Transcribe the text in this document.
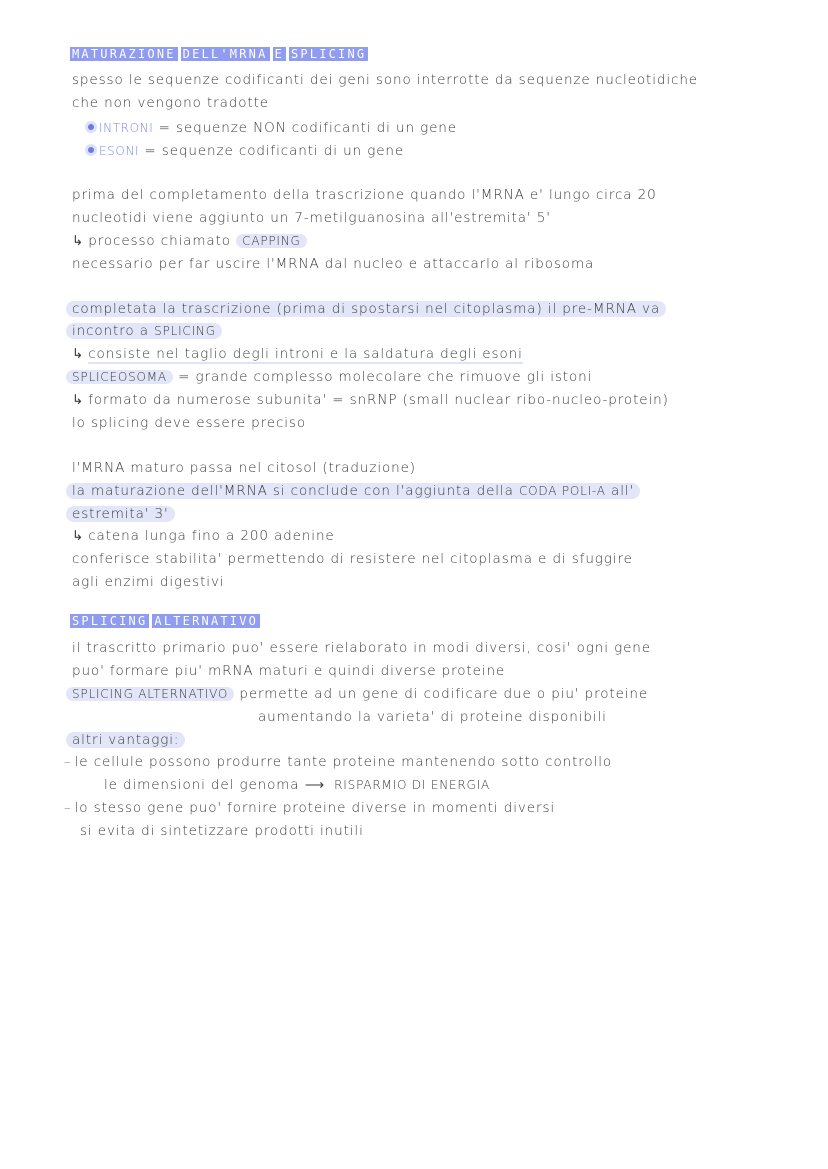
MATURAZIONE DELL'MRNA E SPLICING
spesso le sequenze codificanti dei geni sono interrotte da sequenze nucleotidiche
che non vengono tradotte
INTRONI = sequenze NON codificanti di un gene
ESONI = sequenze codificanti di un gene
prima del completamento della trascrizione quando l'MRNA e' lungo circa 20
nucleotidi viene aggiunto un 7-metilguanosina all'estremita' 5'
↳ processo chiamato CAPPING
necessario per far uscire l'MRNA dal nucleo e attaccarlo al ribosoma
completata la trascrizione (prima di spostarsi nel citoplasma) il pre-MRNA va
incontro a SPLICING
↳ consiste nel taglio degli introni e la saldatura degli esoni
SPLICEOSOMA = grande complesso molecolare che rimuove gli istoni
↳ formato da numerose subunita' = snRNP (small nuclear ribo-nucleo-protein)
lo splicing deve essere preciso
l'MRNA maturo passa nel citosol (traduzione)
la maturazione dell'MRNA si conclude con l'aggiunta della CODA POLI-A all'
estremita' 3'
↳ catena lunga fino a 200 adenine
conferisce stabilita' permettendo di resistere nel citoplasma e di sfuggire
agli enzimi digestivi
SPLICING ALTERNATIVO
il trascritto primario puo' essere rielaborato in modi diversi, cosi' ogni gene
puo' formare piu' mRNA maturi e quindi diverse proteine
SPLICING ALTERNATIVO permette ad un gene di codificare due o piu' proteine
aumentando la varieta' di proteine disponibili
altri vantaggi:
– le cellule possono produrre tante proteine mantenendo sotto controllo
le dimensioni del genoma ⟶ RISPARMIO DI ENERGIA
– lo stesso gene puo' fornire proteine diverse in momenti diversi
si evita di sintetizzare prodotti inutili
